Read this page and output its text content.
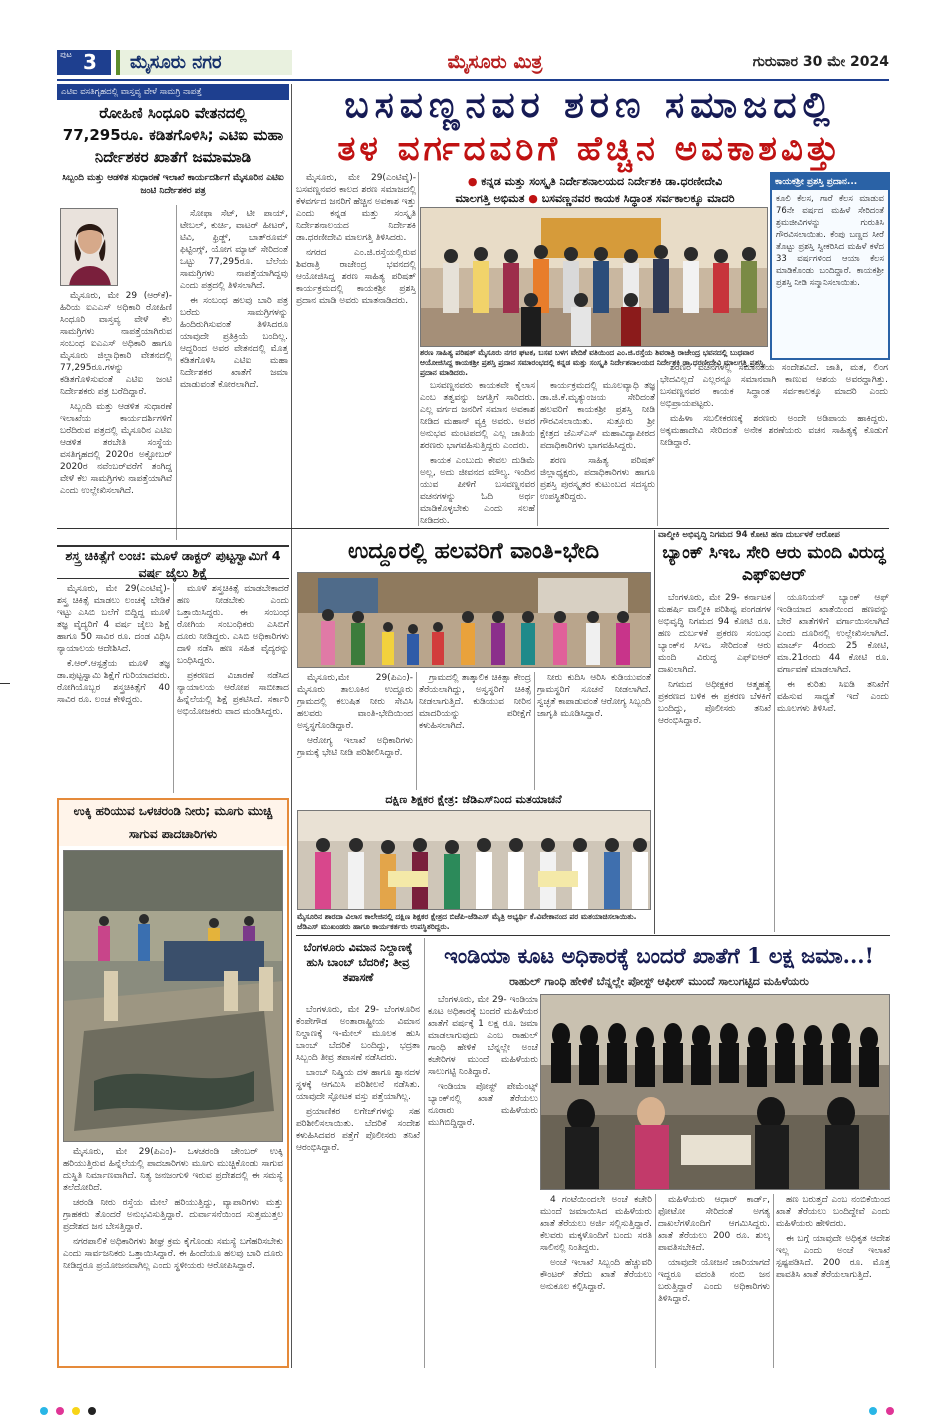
3
ಪುಟ	ಮೈಸೂರು ನಗರ	ಮೈಸೂರು ಮಿತ್ರ	ಗುರುವಾರ 30 ಮೇ 2024
ಎಟಿಐ ವಸತಿಗೃಹದಲ್ಲಿ ವಾಸ್ತವ್ಯ ವೇಳೆ ಸಾಮಗ್ರಿ ನಾಪತ್ತೆ
ರೋಹಿಣಿ ಸಿಂಧೂರಿ ವೇತನದಲ್ಲಿ 77,295ರೂ. ಕಡಿತಗೊಳಿಸಿ; ಎಟಿಐ ಮಹಾ ನಿರ್ದೇಶಕರ ಖಾತೆಗೆ ಜಮಾಮಾಡಿ
ಸಿಬ್ಬಂದಿ ಮತ್ತು ಆಡಳಿತ ಸುಧಾರಣೆ ಇಲಾಖೆ ಕಾರ್ಯದರ್ಶಿಗೆ ಮೈಸೂರಿನ ಎಟಿಐ ಜಂಟಿ ನಿರ್ದೇಶಕರ ಪತ್ರ

ಮೈಸೂರು, ಮೇ 29 (ಆರ್‌ಕೆ)- ಹಿರಿಯ ಐಎಎಸ್ ಅಧಿಕಾರಿ ರೋಹಿಣಿ ಸಿಂಧೂರಿ ವಾಸ್ತವ್ಯ ವೇಳೆ ಕೆಲ ಸಾಮಗ್ರಿಗಳು ನಾಪತ್ತೆಯಾಗಿರುವ ಸಂಬಂಧ ಐಎಎಸ್ ಅಧಿಕಾರಿ ಹಾಗೂ ಮೈಸೂರು ಜಿಲ್ಲಾಧಿಕಾರಿ ವೇತನದಲ್ಲಿ 77,295ರೂ.ಗಳನ್ನು ಕಡಿತಗೊಳಿಸುವಂತೆ ಎಟಿಐ ಜಂಟಿ ನಿರ್ದೇಶಕರು ಪತ್ರ ಬರೆದಿದ್ದಾರೆ.

ಸಿಬ್ಬಂದಿ ಮತ್ತು ಆಡಳಿತ ಸುಧಾರಣೆ ಇಲಾಖೆಯ ಕಾರ್ಯದರ್ಶಿಗಳಿಗೆ ಬರೆದಿರುವ ಪತ್ರದಲ್ಲಿ ಮೈಸೂರಿನ ಎಟಿಐ ಆಡಳಿತ ತರಬೇತಿ ಸಂಸ್ಥೆಯ ವಸತಿಗೃಹದಲ್ಲಿ 2020ರ ಅಕ್ಟೋಬರ್ 2020ರ ನವೆಂಬರ್‌ವರೆಗೆ ತಂಗಿದ್ದ ವೇಳೆ ಕೆಲ ಸಾಮಗ್ರಿಗಳು ನಾಪತ್ತೆಯಾಗಿವೆ ಎಂದು ಉಲ್ಲೇಖಿಸಲಾಗಿದೆ.

ಸೋಫಾ ಸೆಟ್, ಟೀ ಪಾಯ್, ಟೇಬಲ್, ಕುರ್ಚಿ, ವಾಟರ್ ಹೀಟರ್, ಟಿವಿ, ಫ್ರಿಡ್ಜ್, ಬಾತ್‌ರೂಮ್ ಫಿಟ್ಟಿಂಗ್ಸ್, ಯೋಗ ಮ್ಯಾಟ್ ಸೇರಿದಂತೆ ಒಟ್ಟು 77,295ರೂ. ಬೆಲೆಯ ಸಾಮಗ್ರಿಗಳು ನಾಪತ್ತೆಯಾಗಿದ್ದವು ಎಂದು ಪತ್ರದಲ್ಲಿ ತಿಳಿಸಲಾಗಿದೆ.

ಈ ಸಂಬಂಧ ಹಲವು ಬಾರಿ ಪತ್ರ ಬರೆದು ಸಾಮಗ್ರಿಗಳನ್ನು ಹಿಂದಿರುಗಿಸುವಂತೆ ತಿಳಿಸಿದರೂ ಯಾವುದೇ ಪ್ರತಿಕ್ರಿಯೆ ಬಂದಿಲ್ಲ. ಆದ್ದರಿಂದ ಅವರ ವೇತನದಲ್ಲಿ ಮೊತ್ತ ಕಡಿತಗೊಳಿಸಿ ಎಟಿಐ ಮಹಾ ನಿರ್ದೇಶಕರ ಖಾತೆಗೆ ಜಮಾ ಮಾಡುವಂತೆ ಕೋರಲಾಗಿದೆ.

ಬಸವಣ್ಣನವರ ಶರಣ ಸಮಾಜದಲ್ಲಿ
ತಳ ವರ್ಗದವರಿಗೆ ಹೆಚ್ಚಿನ ಅವಕಾಶವಿತ್ತು
● ಕನ್ನಡ ಮತ್ತು ಸಂಸ್ಕೃತಿ ನಿರ್ದೇಶನಾಲಯದ ನಿರ್ದೇಶಕಿ ಡಾ.ಧರಣೀದೇವಿ
ಮಾಲಗತ್ತಿ ಅಭಿಮತ ● ಬಸವಣ್ಣನವರ ಕಾಯಕ ಸಿದ್ಧಾಂತ ಸರ್ವಕಾಲಕ್ಕೂ ಮಾದರಿ

ಮೈಸೂರು, ಮೇ 29(ಎಂಟಿವೈ)- ಬಸವಣ್ಣನವರ ಕಾಲದ ಶರಣ ಸಮಾಜದಲ್ಲಿ ಕೆಳವರ್ಗದ ಜನರಿಗೆ ಹೆಚ್ಚಿನ ಅವಕಾಶ ಇತ್ತು ಎಂದು ಕನ್ನಡ ಮತ್ತು ಸಂಸ್ಕೃತಿ ನಿರ್ದೇಶನಾಲಯದ ನಿರ್ದೇಶಕಿ ಡಾ.ಧರಣೀದೇವಿ ಮಾಲಗತ್ತಿ ತಿಳಿಸಿದರು.

ನಗರದ ಎಂ.ಜಿ.ರಸ್ತೆಯಲ್ಲಿರುವ ಶಿವರಾತ್ರಿ ರಾಜೇಂದ್ರ ಭವನದಲ್ಲಿ ಆಯೋಜಿಸಿದ್ದ ಶರಣ ಸಾಹಿತ್ಯ ಪರಿಷತ್ ಕಾರ್ಯಕ್ರಮದಲ್ಲಿ ಕಾಯಕಶ್ರೀ ಪ್ರಶಸ್ತಿ ಪ್ರದಾನ ಮಾಡಿ ಅವರು ಮಾತನಾಡಿದರು.

ಶರಣ ಸಾಹಿತ್ಯ ಪರಿಷತ್ ಮೈಸೂರು ನಗರ ಘಟಕ, ಬಸವ ಬಳಗ ವೇದಿಕೆ ವತಿಯಿಂದ ಎಂ.ಜಿ.ರಸ್ತೆಯ ಶಿವರಾತ್ರಿ ರಾಜೇಂದ್ರ ಭವನದಲ್ಲಿ ಬುಧವಾರ ಆಯೋಜಿಸಿದ್ದ ಕಾಯಕಶ್ರೀ ಪ್ರಶಸ್ತಿ ಪ್ರದಾನ ಸಮಾರಂಭದಲ್ಲಿ ಕನ್ನಡ ಮತ್ತು ಸಂಸ್ಕೃತಿ ನಿರ್ದೇಶನಾಲಯದ ನಿರ್ದೇಶಕಿ ಡಾ.ಧರಣೀದೇವಿ ಮಾಲಗತ್ತಿ ಪ್ರಶಸ್ತಿ ಪ್ರದಾನ ಮಾಡಿದರು.
ಕಾಯಕಶ್ರೀ ಪ್ರಶಸ್ತಿ ಪ್ರದಾನ...
ಕೂಲಿ ಕೆಲಸ, ಗಾರೆ ಕೆಲಸ ಮಾಡುವ 76ನೇ ವರ್ಷದ ಮಹಿಳೆ ಸೇರಿದಂತೆ ಶ್ರಮಜೀವಿಗಳನ್ನು ಗುರುತಿಸಿ ಗೌರವಿಸಲಾಯಿತು. ಕೆಂಪು ಬಣ್ಣದ ಸೀರೆ ತೊಟ್ಟು ಪ್ರಶಸ್ತಿ ಸ್ವೀಕರಿಸಿದ ಮಹಿಳೆ ಕಳೆದ 33 ವರ್ಷಗಳಿಂದ ಆಯಾ ಕೆಲಸ ಮಾಡಿಕೊಂಡು ಬಂದಿದ್ದಾರೆ. ಕಾಯಕಶ್ರೀ ಪ್ರಶಸ್ತಿ ನೀಡಿ ಸನ್ಮಾನಿಸಲಾಯಿತು.

ಬಸವಣ್ಣನವರು ಕಾಯಕವೇ ಕೈಲಾಸ ಎಂಬ ತತ್ವವನ್ನು ಜಗತ್ತಿಗೆ ಸಾರಿದರು. ಎಲ್ಲ ವರ್ಗದ ಜನರಿಗೆ ಸಮಾನ ಅವಕಾಶ ನೀಡಿದ ಮಹಾನ್ ವ್ಯಕ್ತಿ ಅವರು. ಅವರ ಅನುಭವ ಮಂಟಪದಲ್ಲಿ ಎಲ್ಲ ಜಾತಿಯ ಶರಣರು ಭಾಗವಹಿಸುತ್ತಿದ್ದರು ಎಂದರು.

ಕಾಯಕ ಎಂಬುದು ಕೇವಲ ದುಡಿಮೆ ಅಲ್ಲ, ಅದು ಜೀವನದ ಮೌಲ್ಯ. ಇಂದಿನ ಯುವ ಪೀಳಿಗೆ ಬಸವಣ್ಣನವರ ವಚನಗಳನ್ನು ಓದಿ ಅರ್ಥ ಮಾಡಿಕೊಳ್ಳಬೇಕು ಎಂದು ಸಲಹೆ ನೀಡಿದರು.

ಕಾರ್ಯಕ್ರಮದಲ್ಲಿ ಮೂಲವ್ಯಾಧಿ ತಜ್ಞ ಡಾ.ಜಿ.ಕೆ.ಮೃತ್ಯುಂಜಯ ಸೇರಿದಂತೆ ಹಲವರಿಗೆ ಕಾಯಕಶ್ರೀ ಪ್ರಶಸ್ತಿ ನೀಡಿ ಗೌರವಿಸಲಾಯಿತು. ಸುತ್ತೂರು ಶ್ರೀ ಕ್ಷೇತ್ರದ ಜೆಎಸ್‌ಎಸ್ ಮಹಾವಿದ್ಯಾಪೀಠದ ಪದಾಧಿಕಾರಿಗಳು ಭಾಗವಹಿಸಿದ್ದರು.

ಶರಣ ಸಾಹಿತ್ಯ ಪರಿಷತ್ ಜಿಲ್ಲಾಧ್ಯಕ್ಷರು, ಪದಾಧಿಕಾರಿಗಳು ಹಾಗೂ ಪ್ರಶಸ್ತಿ ಪುರಸ್ಕೃತರ ಕುಟುಂಬದ ಸದಸ್ಯರು ಉಪಸ್ಥಿತರಿದ್ದರು.

ಶರಣರ ವಚನಗಳಲ್ಲಿ ಸಮಾನತೆಯ ಸಂದೇಶವಿದೆ. ಜಾತಿ, ಮತ, ಲಿಂಗ ಭೇದವಿಲ್ಲದೆ ಎಲ್ಲರನ್ನೂ ಸಮಾನವಾಗಿ ಕಾಣುವ ಆಶಯ ಅವರದ್ದಾಗಿತ್ತು. ಬಸವಣ್ಣನವರ ಕಾಯಕ ಸಿದ್ಧಾಂತ ಸರ್ವಕಾಲಕ್ಕೂ ಮಾದರಿ ಎಂದು ಅಭಿಪ್ರಾಯಪಟ್ಟರು.

ಮಹಿಳಾ ಸಬಲೀಕರಣಕ್ಕೆ ಶರಣರು ಅಂದೇ ಅಡಿಪಾಯ ಹಾಕಿದ್ದರು. ಅಕ್ಕಮಹಾದೇವಿ ಸೇರಿದಂತೆ ಅನೇಕ ಶರಣೆಯರು ವಚನ ಸಾಹಿತ್ಯಕ್ಕೆ ಕೊಡುಗೆ ನೀಡಿದ್ದಾರೆ.

ಶಸ್ತ್ರ ಚಿಕಿತ್ಸೆಗೆ ಲಂಚ: ಮೂಳೆ ಡಾಕ್ಟರ್ ಪುಟ್ಟಸ್ವಾಮಿಗೆ 4 ವರ್ಷ ಜೈಲು ಶಿಕ್ಷೆ

ಮೈಸೂರು, ಮೇ 29(ಎಂಟಿವೈ)- ಶಸ್ತ್ರ ಚಿಕಿತ್ಸೆ ಮಾಡಲು ಲಂಚಕ್ಕೆ ಬೇಡಿಕೆ ಇಟ್ಟು ಎಸಿಬಿ ಬಲೆಗೆ ಬಿದ್ದಿದ್ದ ಮೂಳೆ ತಜ್ಞ ವೈದ್ಯರಿಗೆ 4 ವರ್ಷ ಜೈಲು ಶಿಕ್ಷೆ ಹಾಗೂ 50 ಸಾವಿರ ರೂ. ದಂಡ ವಿಧಿಸಿ ನ್ಯಾಯಾಲಯ ಆದೇಶಿಸಿದೆ.

ಕೆ.ಆರ್.ಆಸ್ಪತ್ರೆಯ ಮೂಳೆ ತಜ್ಞ ಡಾ.ಪುಟ್ಟಸ್ವಾಮಿ ಶಿಕ್ಷೆಗೆ ಗುರಿಯಾದವರು. ರೋಗಿಯೊಬ್ಬರ ಶಸ್ತ್ರಚಿಕಿತ್ಸೆಗೆ 40 ಸಾವಿರ ರೂ. ಲಂಚ ಕೇಳಿದ್ದರು.

ಮೂಳೆ ಶಸ್ತ್ರಚಿಕಿತ್ಸೆ ಮಾಡಬೇಕಾದರೆ ಹಣ ನೀಡಬೇಕು ಎಂದು ಒತ್ತಾಯಿಸಿದ್ದರು. ಈ ಸಂಬಂಧ ರೋಗಿಯ ಸಂಬಂಧಿಕರು ಎಸಿಬಿಗೆ ದೂರು ನೀಡಿದ್ದರು. ಎಸಿಬಿ ಅಧಿಕಾರಿಗಳು ದಾಳಿ ನಡೆಸಿ ಹಣ ಸಹಿತ ವೈದ್ಯರನ್ನು ಬಂಧಿಸಿದ್ದರು.

ಪ್ರಕರಣದ ವಿಚಾರಣೆ ನಡೆಸಿದ ನ್ಯಾಯಾಲಯ ಆರೋಪ ಸಾಬೀತಾದ ಹಿನ್ನೆಲೆಯಲ್ಲಿ ಶಿಕ್ಷೆ ಪ್ರಕಟಿಸಿದೆ. ಸರ್ಕಾರಿ ಅಭಿಯೋಜಕರು ವಾದ ಮಂಡಿಸಿದ್ದರು.

ಉದ್ದೂರಲ್ಲಿ ಹಲವರಿಗೆ ವಾಂತಿ-ಭೇದಿ

ಮೈಸೂರು,ಮೇ 29(ಪಿಎಂ)- ಮೈಸೂರು ತಾಲೂಕಿನ ಉದ್ದೂರು ಗ್ರಾಮದಲ್ಲಿ ಕಲುಷಿತ ನೀರು ಸೇವಿಸಿ ಹಲವರು ವಾಂತಿ-ಭೇದಿಯಿಂದ ಅಸ್ವಸ್ಥಗೊಂಡಿದ್ದಾರೆ.

ಆರೋಗ್ಯ ಇಲಾಖೆ ಅಧಿಕಾರಿಗಳು ಗ್ರಾಮಕ್ಕೆ ಭೇಟಿ ನೀಡಿ ಪರಿಶೀಲಿಸಿದ್ದಾರೆ.

ಗ್ರಾಮದಲ್ಲಿ ತಾತ್ಕಾಲಿಕ ಚಿಕಿತ್ಸಾ ಕೇಂದ್ರ ತೆರೆಯಲಾಗಿದ್ದು, ಅಸ್ವಸ್ಥರಿಗೆ ಚಿಕಿತ್ಸೆ ನೀಡಲಾಗುತ್ತಿದೆ. ಕುಡಿಯುವ ನೀರಿನ ಮಾದರಿಯನ್ನು ಪರೀಕ್ಷೆಗೆ ಕಳುಹಿಸಲಾಗಿದೆ.

ನೀರು ಕುದಿಸಿ ಆರಿಸಿ ಕುಡಿಯುವಂತೆ ಗ್ರಾಮಸ್ಥರಿಗೆ ಸೂಚನೆ ನೀಡಲಾಗಿದೆ. ಸ್ವಚ್ಛತೆ ಕಾಪಾಡುವಂತೆ ಆರೋಗ್ಯ ಸಿಬ್ಬಂದಿ ಜಾಗೃತಿ ಮೂಡಿಸಿದ್ದಾರೆ.

ವಾಲ್ಮೀಕಿ ಅಭಿವೃದ್ಧಿ ನಿಗಮದ 94 ಕೋಟಿ ಹಣ ದುರ್ಬಳಕೆ ಆರೋಪ
ಬ್ಯಾಂಕ್ ಸಿಇಒ ಸೇರಿ ಆರು ಮಂದಿ ವಿರುದ್ಧ ಎಫ್‌ಐಆರ್

ಬೆಂಗಳೂರು, ಮೇ 29- ಕರ್ನಾಟಕ ಮಹರ್ಷಿ ವಾಲ್ಮೀಕಿ ಪರಿಶಿಷ್ಟ ಪಂಗಡಗಳ ಅಭಿವೃದ್ಧಿ ನಿಗಮದ 94 ಕೋಟಿ ರೂ. ಹಣ ದುರ್ಬಳಕೆ ಪ್ರಕರಣ ಸಂಬಂಧ ಬ್ಯಾಂಕ್‌ನ ಸಿಇಒ ಸೇರಿದಂತೆ ಆರು ಮಂದಿ ವಿರುದ್ಧ ಎಫ್‌ಐಆರ್ ದಾಖಲಾಗಿದೆ.

ನಿಗಮದ ಅಧೀಕ್ಷಕರ ಆತ್ಮಹತ್ಯೆ ಪ್ರಕರಣದ ಬಳಿಕ ಈ ಪ್ರಕರಣ ಬೆಳಕಿಗೆ ಬಂದಿದ್ದು, ಪೊಲೀಸರು ತನಿಖೆ ಆರಂಭಿಸಿದ್ದಾರೆ.

ಯೂನಿಯನ್ ಬ್ಯಾಂಕ್ ಆಫ್ ಇಂಡಿಯಾದ ಖಾತೆಯಿಂದ ಹಣವನ್ನು ಬೇರೆ ಖಾತೆಗಳಿಗೆ ವರ್ಗಾಯಿಸಲಾಗಿದೆ ಎಂದು ದೂರಿನಲ್ಲಿ ಉಲ್ಲೇಖಿಸಲಾಗಿದೆ. ಮಾರ್ಚ್ 4ರಂದು 25 ಕೋಟಿ, ಮಾ.21ರಂದು 44 ಕೋಟಿ ರೂ. ವರ್ಗಾವಣೆ ಮಾಡಲಾಗಿದೆ.

ಈ ಕುರಿತು ಸಿಐಡಿ ತನಿಖೆಗೆ ವಹಿಸುವ ಸಾಧ್ಯತೆ ಇದೆ ಎಂದು ಮೂಲಗಳು ತಿಳಿಸಿವೆ.

ಉಕ್ಕಿ ಹರಿಯುವ ಒಳಚರಂಡಿ ನೀರು; ಮೂಗು ಮುಚ್ಚಿ ಸಾಗುವ ಪಾದಚಾರಿಗಳು

ಮೈಸೂರು, ಮೇ 29(ಪಿಎಂ)- ಒಳಚರಂಡಿ ಚೇಂಬರ್ ಉಕ್ಕಿ ಹರಿಯುತ್ತಿರುವ ಹಿನ್ನೆಲೆಯಲ್ಲಿ ಪಾದಚಾರಿಗಳು ಮೂಗು ಮುಚ್ಚಿಕೊಂಡು ಸಾಗುವ ದುಸ್ಥಿತಿ ನಿರ್ಮಾಣವಾಗಿದೆ. ನಿತ್ಯ ಜನಜಂಗುಳಿ ಇರುವ ಪ್ರದೇಶದಲ್ಲಿ ಈ ಸಮಸ್ಯೆ ತಲೆದೋರಿದೆ.

ಚರಂಡಿ ನೀರು ರಸ್ತೆಯ ಮೇಲೆ ಹರಿಯುತ್ತಿದ್ದು, ವ್ಯಾಪಾರಿಗಳು ಮತ್ತು ಗ್ರಾಹಕರು ತೊಂದರೆ ಅನುಭವಿಸುತ್ತಿದ್ದಾರೆ. ದುರ್ವಾಸನೆಯಿಂದ ಸುತ್ತಮುತ್ತಲ ಪ್ರದೇಶದ ಜನ ಬೇಸತ್ತಿದ್ದಾರೆ.

ನಗರಪಾಲಿಕೆ ಅಧಿಕಾರಿಗಳು ಶೀಘ್ರ ಕ್ರಮ ಕೈಗೊಂಡು ಸಮಸ್ಯೆ ಬಗೆಹರಿಸಬೇಕು ಎಂದು ಸಾರ್ವಜನಿಕರು ಒತ್ತಾಯಿಸಿದ್ದಾರೆ. ಈ ಹಿಂದೆಯೂ ಹಲವು ಬಾರಿ ದೂರು ನೀಡಿದ್ದರೂ ಪ್ರಯೋಜನವಾಗಿಲ್ಲ ಎಂದು ಸ್ಥಳೀಯರು ಆರೋಪಿಸಿದ್ದಾರೆ.

ದಕ್ಷಿಣ ಶಿಕ್ಷಕರ ಕ್ಷೇತ್ರ: ಜೆಡಿಎಸ್‌ನಿಂದ ಮತಯಾಚನೆ
ಮೈಸೂರಿನ ಶಾರದಾ ವಿಲಾಸ ಕಾಲೇಜಿನಲ್ಲಿ ದಕ್ಷಿಣ ಶಿಕ್ಷಕರ ಕ್ಷೇತ್ರದ ಬಿಜೆಪಿ-ಜೆಡಿಎಸ್ ಮೈತ್ರಿ ಅಭ್ಯರ್ಥಿ ಕೆ.ವಿವೇಕಾನಂದ ಪರ ಮತಯಾಚಿಸಲಾಯಿತು. ಜೆಡಿಎಸ್ ಮುಖಂಡರು ಹಾಗೂ ಕಾರ್ಯಕರ್ತರು ಉಪಸ್ಥಿತರಿದ್ದರು.
ಬೆಂಗಳೂರು ವಿಮಾನ ನಿಲ್ದಾಣಕ್ಕೆ ಹುಸಿ ಬಾಂಬ್ ಬೆದರಿಕೆ; ತೀವ್ರ ತಪಾಸಣೆ

ಬೆಂಗಳೂರು, ಮೇ 29- ಬೆಂಗಳೂರಿನ ಕೆಂಪೇಗೌಡ ಅಂತಾರಾಷ್ಟ್ರೀಯ ವಿಮಾನ ನಿಲ್ದಾಣಕ್ಕೆ ಇ-ಮೇಲ್ ಮೂಲಕ ಹುಸಿ ಬಾಂಬ್ ಬೆದರಿಕೆ ಬಂದಿದ್ದು, ಭದ್ರತಾ ಸಿಬ್ಬಂದಿ ತೀವ್ರ ತಪಾಸಣೆ ನಡೆಸಿದರು.

ಬಾಂಬ್ ನಿಷ್ಕ್ರಿಯ ದಳ ಹಾಗೂ ಶ್ವಾನದಳ ಸ್ಥಳಕ್ಕೆ ಆಗಮಿಸಿ ಪರಿಶೀಲನೆ ನಡೆಸಿತು. ಯಾವುದೇ ಸ್ಫೋಟಕ ವಸ್ತು ಪತ್ತೆಯಾಗಿಲ್ಲ.

ಪ್ರಯಾಣಿಕರ ಲಗೇಜ್‌ಗಳನ್ನು ಸಹ ಪರಿಶೀಲಿಸಲಾಯಿತು. ಬೆದರಿಕೆ ಸಂದೇಶ ಕಳುಹಿಸಿದವರ ಪತ್ತೆಗೆ ಪೊಲೀಸರು ತನಿಖೆ ಆರಂಭಿಸಿದ್ದಾರೆ.

ಇಂಡಿಯಾ ಕೂಟ ಅಧಿಕಾರಕ್ಕೆ ಬಂದರೆ ಖಾತೆಗೆ 1 ಲಕ್ಷ ಜಮಾ...!
ರಾಹುಲ್ ಗಾಂಧಿ ಹೇಳಿಕೆ ಬೆನ್ನಲ್ಲೇ ಪೋಸ್ಟ್ ಆಫೀಸ್ ಮುಂದೆ ಸಾಲುಗಟ್ಟಿದ ಮಹಿಳೆಯರು

ಬೆಂಗಳೂರು, ಮೇ 29- ಇಂಡಿಯಾ ಕೂಟ ಅಧಿಕಾರಕ್ಕೆ ಬಂದರೆ ಮಹಿಳೆಯರ ಖಾತೆಗೆ ವರ್ಷಕ್ಕೆ 1 ಲಕ್ಷ ರೂ. ಜಮಾ ಮಾಡಲಾಗುವುದು ಎಂಬ ರಾಹುಲ್ ಗಾಂಧಿ ಹೇಳಿಕೆ ಬೆನ್ನಲ್ಲೇ ಅಂಚೆ ಕಚೇರಿಗಳ ಮುಂದೆ ಮಹಿಳೆಯರು ಸಾಲುಗಟ್ಟಿ ನಿಂತಿದ್ದಾರೆ.

ಇಂಡಿಯಾ ಪೋಸ್ಟ್ ಪೇಮೆಂಟ್ಸ್ ಬ್ಯಾಂಕ್‌ನಲ್ಲಿ ಖಾತೆ ತೆರೆಯಲು ನೂರಾರು ಮಹಿಳೆಯರು ಮುಗಿಬಿದ್ದಿದ್ದಾರೆ.

4 ಗಂಟೆಯಿಂದಲೇ ಅಂಚೆ ಕಚೇರಿ ಮುಂದೆ ಜಮಾಯಿಸಿದ ಮಹಿಳೆಯರು ಖಾತೆ ತೆರೆಯಲು ಅರ್ಜಿ ಸಲ್ಲಿಸುತ್ತಿದ್ದಾರೆ. ಕೆಲವರು ಮಕ್ಕಳೊಂದಿಗೆ ಬಂದು ಸರತಿ ಸಾಲಿನಲ್ಲಿ ನಿಂತಿದ್ದರು.

ಅಂಚೆ ಇಲಾಖೆ ಸಿಬ್ಬಂದಿ ಹೆಚ್ಚುವರಿ ಕೌಂಟರ್ ತೆರೆದು ಖಾತೆ ತೆರೆಯಲು ಅನುಕೂಲ ಕಲ್ಪಿಸಿದ್ದಾರೆ.

ಮಹಿಳೆಯರು ಆಧಾರ್ ಕಾರ್ಡ್, ಫೋಟೋ ಸೇರಿದಂತೆ ಅಗತ್ಯ ದಾಖಲೆಗಳೊಂದಿಗೆ ಆಗಮಿಸಿದ್ದರು. ಖಾತೆ ತೆರೆಯಲು 200 ರೂ. ಶುಲ್ಕ ಪಾವತಿಸಬೇಕಿದೆ.

ಯಾವುದೇ ಯೋಜನೆ ಜಾರಿಯಾಗದೆ ಇದ್ದರೂ ವದಂತಿ ನಂಬಿ ಜನ ಬರುತ್ತಿದ್ದಾರೆ ಎಂದು ಅಧಿಕಾರಿಗಳು ತಿಳಿಸಿದ್ದಾರೆ.

ಹಣ ಬರುತ್ತದೆ ಎಂಬ ನಂಬಿಕೆಯಿಂದ ಖಾತೆ ತೆರೆಯಲು ಬಂದಿದ್ದೇವೆ ಎಂದು ಮಹಿಳೆಯರು ಹೇಳಿದರು.

ಈ ಬಗ್ಗೆ ಯಾವುದೇ ಅಧಿಕೃತ ಆದೇಶ ಇಲ್ಲ ಎಂದು ಅಂಚೆ ಇಲಾಖೆ ಸ್ಪಷ್ಟಪಡಿಸಿದೆ. 200 ರೂ. ಮೊತ್ತ ಪಾವತಿಸಿ ಖಾತೆ ತೆರೆಯಲಾಗುತ್ತಿದೆ.
